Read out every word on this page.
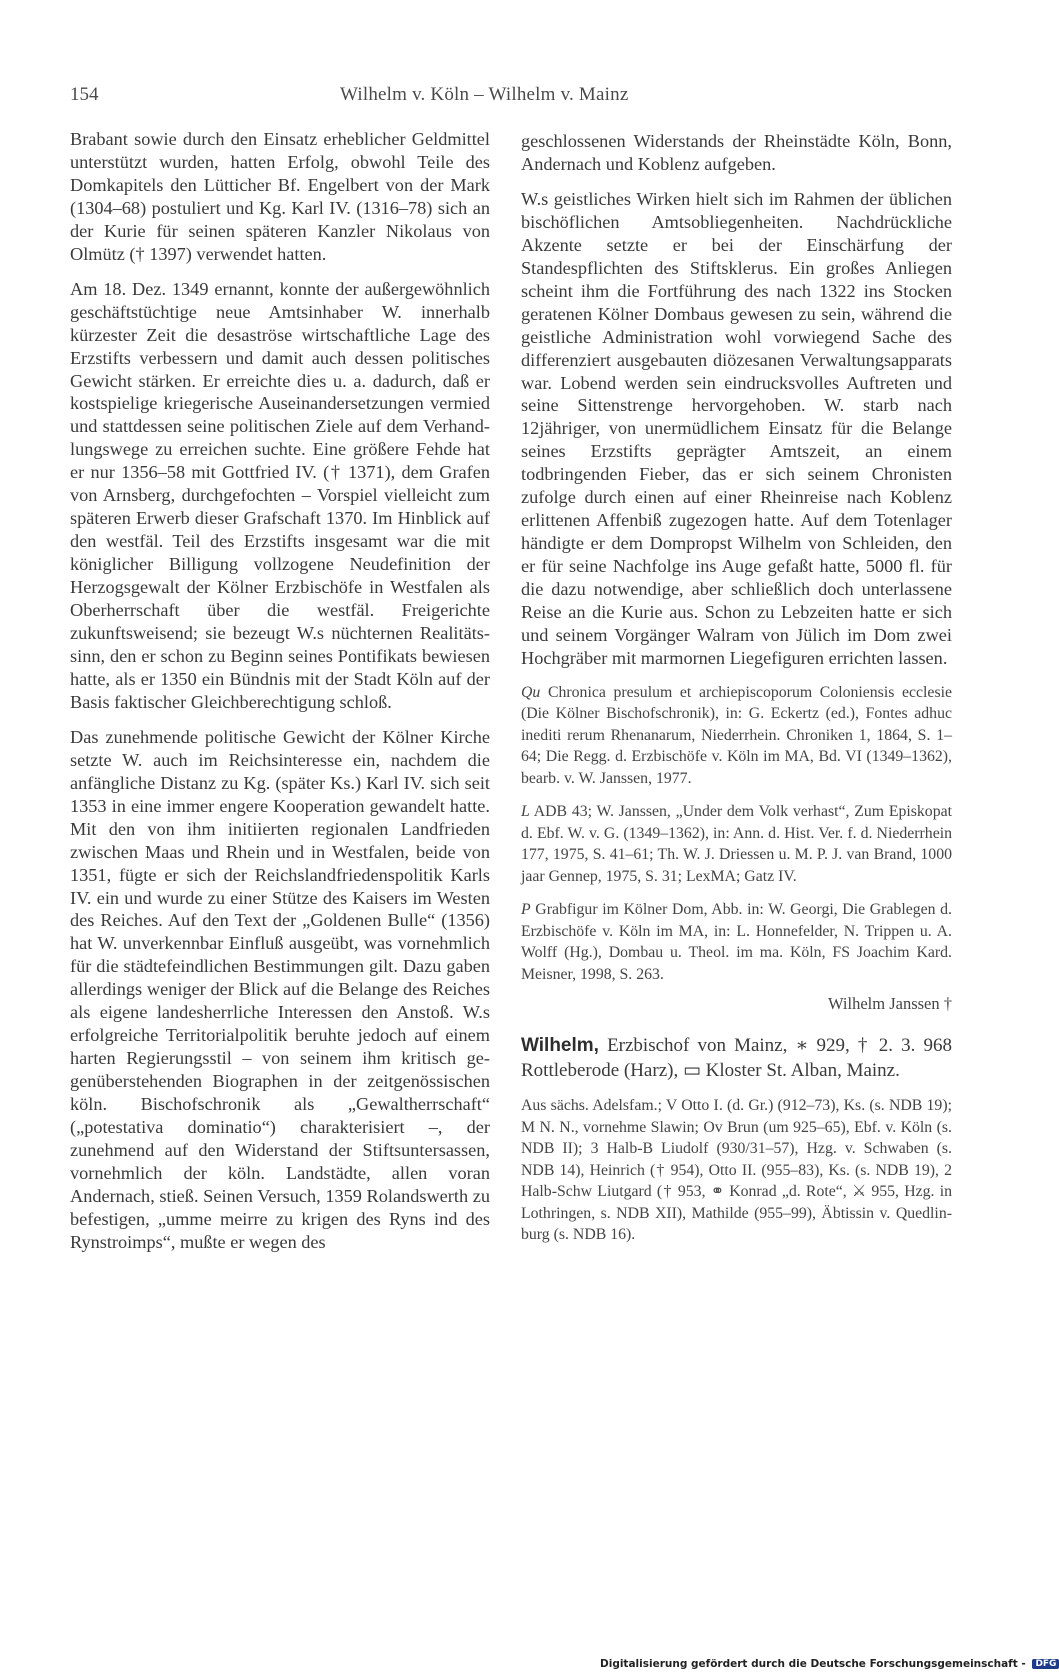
154	Wilhelm v. Köln – Wilhelm v. Mainz

Brabant sowie durch den Einsatz erheblicher Geldmittel unterstützt wurden, hatten Erfolg, obwohl Teile des Domkapitels den Lütticher Bf. Engelbert von der Mark (1304–68) postuliert und Kg. Karl IV. (1316–78) sich an der Kurie für seinen späteren Kanzler Nikolaus von Olmütz († 1397) verwendet hatten.

Am 18. Dez. 1349 ernannt, konnte der außergewöhnlich geschäftstüchtige neue Amtsinhaber W. innerhalb kürzester Zeit die desaströse wirtschaftliche Lage des Erzstifts verbessern und damit auch dessen politisches Gewicht stärken. Er erreichte dies u. a. dadurch, daß er kostspielige kriegerische Auseinandersetzungen vermied und stattdessen seine politischen Ziele auf dem Verhandlungswege zu erreichen suchte. Eine größere Fehde hat er nur 1356–58 mit Gottfried IV. († 1371), dem Grafen von Arnsberg, durchgefochten – Vorspiel vielleicht zum späteren Erwerb dieser Grafschaft 1370. Im Hinblick auf den westfäl. Teil des Erzstifts insgesamt war die mit königlicher Billigung vollzogene Neudefinition der Herzogsgewalt der Kölner Erzbischöfe in Westfalen als Oberherrschaft über die westfäl. Freigerichte zukunftsweisend; sie bezeugt W.s nüchternen Realitätssinn, den er schon zu Beginn seines Pontifikats bewiesen hatte, als er 1350 ein Bündnis mit der Stadt Köln auf der Basis faktischer Gleichberechtigung schloß.

Das zunehmende politische Gewicht der Kölner Kirche setzte W. auch im Reichsinteresse ein, nachdem die anfängliche Distanz zu Kg. (später Ks.) Karl IV. sich seit 1353 in eine immer engere Kooperation gewandelt hatte. Mit den von ihm initiierten regionalen Landfrieden zwischen Maas und Rhein und in Westfalen, beide von 1351, fügte er sich der Reichslandfriedenspolitik Karls IV. ein und wurde zu einer Stütze des Kaisers im Westen des Reiches. Auf den Text der „Goldenen Bulle“ (1356) hat W. unverkennbar Einfluß ausgeübt, was vornehmlich für die städtefeindlichen Bestimmungen gilt. Dazu gaben allerdings weniger der Blick auf die Belange des Reiches als eigene landesherrliche Interessen den Anstoß. W.s erfolgreiche Territorialpolitik beruhte jedoch auf einem harten Regierungsstil – von seinem ihm kritisch gegenüberstehenden Biographen in der zeitgenössischen köln. Bischofschronik als „Gewaltherrschaft“ („potestativa dominatio“) charakterisiert –, der zunehmend auf den Widerstand der Stiftsuntersassen, vornehmlich der köln. Landstädte, allen voran Andernach, stieß. Seinen Versuch, 1359 Rolandswerth zu befestigen, „umme meirre zu krigen des Ryns ind des Rynstroimps“, mußte er wegen des

geschlossenen Widerstands der Rheinstädte Köln, Bonn, Andernach und Koblenz aufgeben.

W.s geistliches Wirken hielt sich im Rahmen der üblichen bischöflichen Amtsobliegenheiten. Nachdrückliche Akzente setzte er bei der Einschärfung der Standespflichten des Stiftsklerus. Ein großes Anliegen scheint ihm die Fortführung des nach 1322 ins Stocken geratenen Kölner Dombaus gewesen zu sein, während die geistliche Administration wohl vorwiegend Sache des differenziert ausgebauten diözesanen Verwaltungsapparats war. Lobend werden sein eindrucksvolles Auftreten und seine Sittenstrenge hervorgehoben. W. starb nach 12jähriger, von unermüdlichem Einsatz für die Belange seines Erzstifts geprägter Amtszeit, an einem todbringenden Fieber, das er sich seinem Chronisten zufolge durch einen auf einer Rheinreise nach Koblenz erlittenen Affenbiß zugezogen hatte. Auf dem Totenlager händigte er dem Dompropst Wilhelm von Schleiden, den er für seine Nachfolge ins Auge gefaßt hatte, 5000 fl. für die dazu notwendige, aber schließlich doch unterlassene Reise an die Kurie aus. Schon zu Lebzeiten hatte er sich und seinem Vorgänger Walram von Jülich im Dom zwei Hochgräber mit marmornen Liegefiguren errichten lassen.

Qu Chronica presulum et archiepiscoporum Coloniensis ecclesie (Die Kölner Bischofschronik), in: G. Eckertz (ed.), Fontes adhuc inediti rerum Rhenanarum, Niederrhein. Chroniken 1, 1864, S. 1–64; Die Regg. d. Erzbischöfe v. Köln im MA, Bd. VI (1349–1362), bearb. v. W. Janssen, 1977.
L ADB 43; W. Janssen, „Under dem Volk verhast“, Zum Episkopat d. Ebf. W. v. G. (1349–1362), in: Ann. d. Hist. Ver. f. d. Niederrhein 177, 1975, S. 41–61; Th. W. J. Driessen u. M. P. J. van Brand, 1000 jaar Gennep, 1975, S. 31; LexMA; Gatz IV.
P Grabfigur im Kölner Dom, Abb. in: W. Georgi, Die Grablegen d. Erzbischöfe v. Köln im MA, in: L. Honnefelder, N. Trippen u. A. Wolff (Hg.), Dombau u. Theol. im ma. Köln, FS Joachim Kard. Meisner, 1998, S. 263.
Wilhelm Janssen †
Wilhelm, Erzbischof von Mainz, ∗ 929, † 2. 3. 968 Rottleberode (Harz), ▭ Kloster St. Alban, Mainz.
Aus sächs. Adelsfam.; V Otto I. (d. Gr.) (912–73), Ks. (s. NDB 19); M N. N., vornehme Slawin; Ov Brun (um 925–65), Ebf. v. Köln (s. NDB II); 3 Halb-B Liudolf (930/31–57), Hzg. v. Schwaben (s. NDB 14), Heinrich († 954), Otto II. (955–83), Ks. (s. NDB 19), 2 Halb-Schw Liutgard († 953, ⚭ Konrad „d. Rote“, ⚔ 955, Hzg. in Lothringen, s. NDB XII), Mathilde (955–99), Äbtissin v. Quedlinburg (s. NDB 16).
Digitalisierung gefördert durch die Deutsche Forschungsgemeinschaft - DFG
